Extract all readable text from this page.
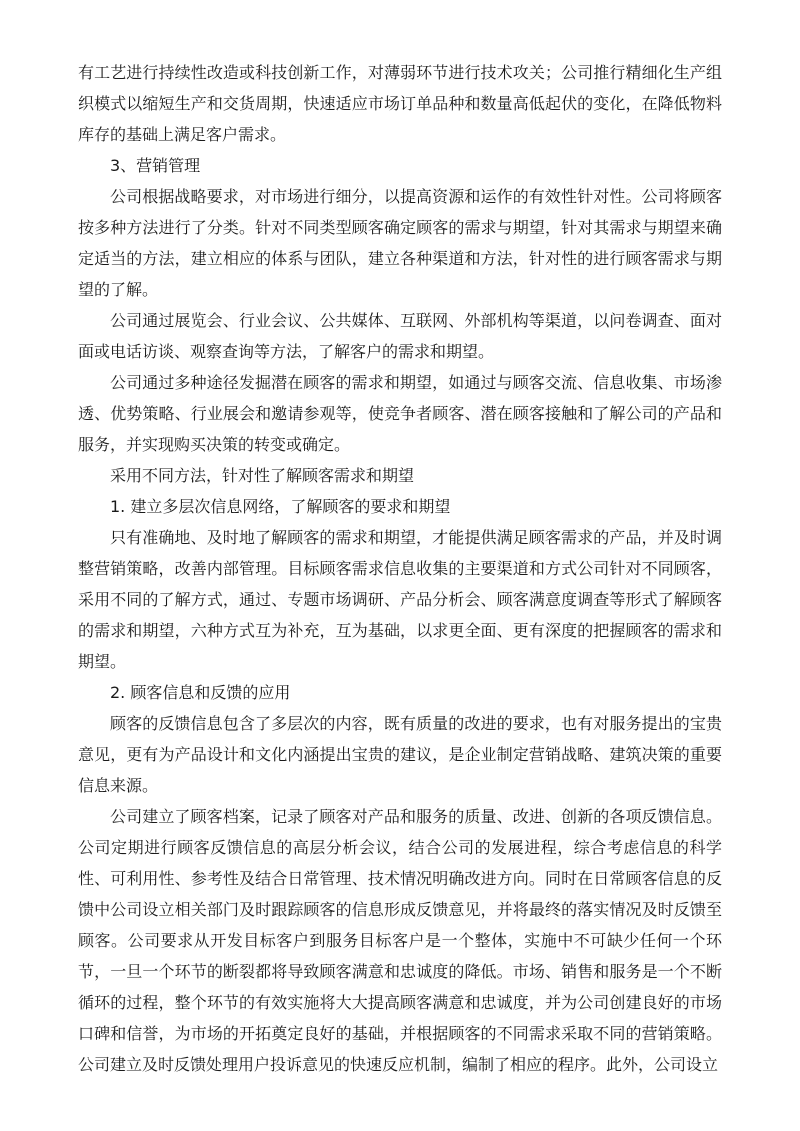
有工艺进行持续性改造或科技创新工作，对薄弱环节进行技术攻关；公司推行精细化生产组织模式以缩短生产和交货周期，快速适应市场订单品种和数量高低起伏的变化，在降低物料库存的基础上满足客户需求。

3、营销管理

公司根据战略要求，对市场进行细分，以提高资源和运作的有效性针对性。公司将顾客按多种方法进行了分类。针对不同类型顾客确定顾客的需求与期望，针对其需求与期望来确定适当的方法，建立相应的体系与团队，建立各种渠道和方法，针对性的进行顾客需求与期望的了解。

公司通过展览会、行业会议、公共媒体、互联网、外部机构等渠道，以问卷调查、面对面或电话访谈、观察查询等方法，了解客户的需求和期望。

公司通过多种途径发掘潜在顾客的需求和期望，如通过与顾客交流、信息收集、市场渗透、优势策略、行业展会和邀请参观等，使竞争者顾客、潜在顾客接触和了解公司的产品和服务，并实现购买决策的转变或确定。

采用不同方法，针对性了解顾客需求和期望

1. 建立多层次信息网络，了解顾客的要求和期望

只有准确地、及时地了解顾客的需求和期望，才能提供满足顾客需求的产品，并及时调整营销策略，改善内部管理。目标顾客需求信息收集的主要渠道和方式公司针对不同顾客，采用不同的了解方式，通过、专题市场调研、产品分析会、顾客满意度调查等形式了解顾客的需求和期望，六种方式互为补充，互为基础，以求更全面、更有深度的把握顾客的需求和期望。

2. 顾客信息和反馈的应用

顾客的反馈信息包含了多层次的内容，既有质量的改进的要求，也有对服务提出的宝贵意见，更有为产品设计和文化内涵提出宝贵的建议，是企业制定营销战略、建筑决策的重要信息来源。

公司建立了顾客档案，记录了顾客对产品和服务的质量、改进、创新的各项反馈信息。公司定期进行顾客反馈信息的高层分析会议，结合公司的发展进程，综合考虑信息的科学性、可利用性、参考性及结合日常管理、技术情况明确改进方向。同时在日常顾客信息的反馈中公司设立相关部门及时跟踪顾客的信息形成反馈意见，并将最终的落实情况及时反馈至顾客。公司要求从开发目标客户到服务目标客户是一个整体，实施中不可缺少任何一个环节，一旦一个环节的断裂都将导致顾客满意和忠诚度的降低。市场、销售和服务是一个不断循环的过程，整个环节的有效实施将大大提高顾客满意和忠诚度，并为公司创建良好的市场口碑和信誉，为市场的开拓奠定良好的基础，并根据顾客的不同需求采取不同的营销策略。公司建立及时反馈处理用户投诉意见的快速反应机制，编制了相应的程序。此外，公司设立
